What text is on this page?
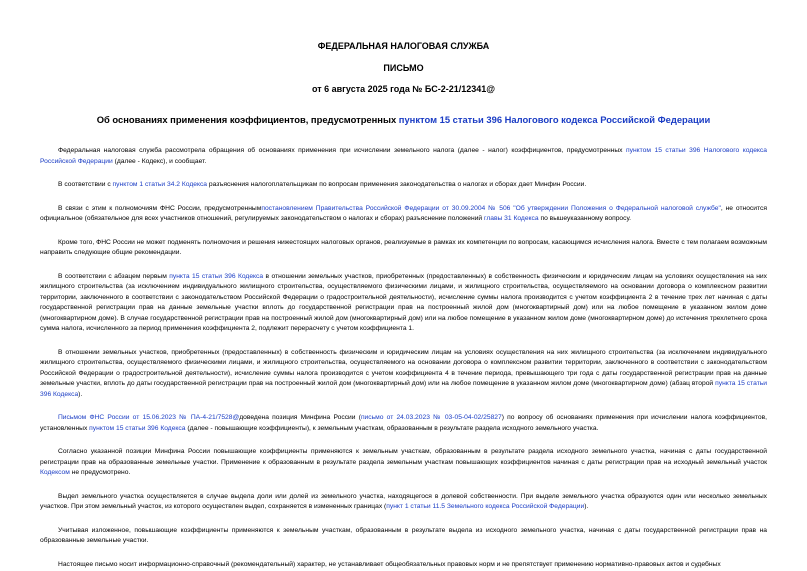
ФЕДЕРАЛЬНАЯ НАЛОГОВАЯ СЛУЖБА
ПИСЬМО
от 6 августа 2025 года № БС-2-21/12341@
Об основаниях применения коэффициентов, предусмотренных пунктом 15 статьи 396 Налогового кодекса Российской Федерации

Федеральная налоговая служба рассмотрела обращения об основаниях применения при исчислении земельного налога (далее - налог) коэффициентов, предусмотренных пунктом 15 статьи 396 Налогового кодекса Российской Федерации (далее - Кодекс), и сообщает.

В соответствии с пунктом 1 статьи 34.2 Кодекса разъяснения налогоплательщикам по вопросам применения законодательства о налогах и сборах дает Минфин России.

В связи с этим к полномочиям ФНС России, предусмотреннымпостановлением Правительства Российской Федерации от 30.09.2004 № 506 "Об утверждении Положения о Федеральной налоговой службе", не относится официальное (обязательное для всех участников отношений, регулируемых законодательством о налогах и сборах) разъяснение положений главы 31 Кодекса по вышеуказанному вопросу.

Кроме того, ФНС России не может подменять полномочия и решения нижестоящих налоговых органов, реализуемые в рамках их компетенции по вопросам, касающимся исчисления налога. Вместе с тем полагаем возможным направить следующие общие рекомендации.

В соответствии с абзацем первым пункта 15 статьи 396 Кодекса в отношении земельных участков, приобретенных (предоставленных) в собственность физическим и юридическим лицам на условиях осуществления на них жилищного строительства (за исключением индивидуального жилищного строительства, осуществляемого физическими лицами, и жилищного строительства, осуществляемого на основании договора о комплексном развитии территории, заключенного в соответствии с законодательством Российской Федерации о градостроительной деятельности), исчисление суммы налога производится с учетом коэффициента 2 в течение трех лет начиная с даты государственной регистрации прав на данные земельные участки вплоть до государственной регистрации прав на построенный жилой дом (многоквартирный дом) или на любое помещение в указанном жилом доме (многоквартирном доме). В случае государственной регистрации прав на построенный жилой дом (многоквартирный дом) или на любое помещение в указанном жилом доме (многоквартирном доме) до истечения трехлетнего срока сумма налога, исчисленного за период применения коэффициента 2, подлежит перерасчету с учетом коэффициента 1.

В отношении земельных участков, приобретенных (предоставленных) в собственность физическим и юридическим лицам на условиях осуществления на них жилищного строительства (за исключением индивидуального жилищного строительства, осуществляемого физическими лицами, и жилищного строительства, осуществляемого на основании договора о комплексном развитии территории, заключенного в соответствии с законодательством Российской Федерации о градостроительной деятельности), исчисление суммы налога производится с учетом коэффициента 4 в течение периода, превышающего три года с даты государственной регистрации прав на данные земельные участки, вплоть до даты государственной регистрации прав на построенный жилой дом (многоквартирный дом) или на любое помещение в указанном жилом доме (многоквартирном доме) (абзац второй пункта 15 статьи 396 Кодекса).

Письмом ФНС России от 15.06.2023 № ПА-4-21/7528@доведена позиция Минфина России (письмо от 24.03.2023 № 03-05-04-02/25827) по вопросу об основаниях применения при исчислении налога коэффициентов, установленных пунктом 15 статьи 396 Кодекса (далее - повышающие коэффициенты), к земельным участкам, образованным в результате раздела исходного земельного участка.

Согласно указанной позиции Минфина России повышающие коэффициенты применяются к земельным участкам, образованным в результате раздела исходного земельного участка, начиная с даты государственной регистрации прав на образованные земельные участки. Применение к образованным в результате раздела земельным участкам повышающих коэффициентов начиная с даты регистрации прав на исходный земельный участок Кодексом не предусмотрено.

Выдел земельного участка осуществляется в случае выдела доли или долей из земельного участка, находящегося в долевой собственности. При выделе земельного участка образуются один или несколько земельных участков. При этом земельный участок, из которого осуществлен выдел, сохраняется в измененных границах (пункт 1 статьи 11.5 Земельного кодекса Российской Федерации).

Учитывая изложенное, повышающие коэффициенты применяются к земельным участкам, образованным в результате выдела из исходного земельного участка, начиная с даты государственной регистрации прав на образованные земельные участки.

Настоящее письмо носит информационно-справочный (рекомендательный) характер, не устанавливает общеобязательных правовых норм и не препятствует применению нормативно-правовых актов и судебных
